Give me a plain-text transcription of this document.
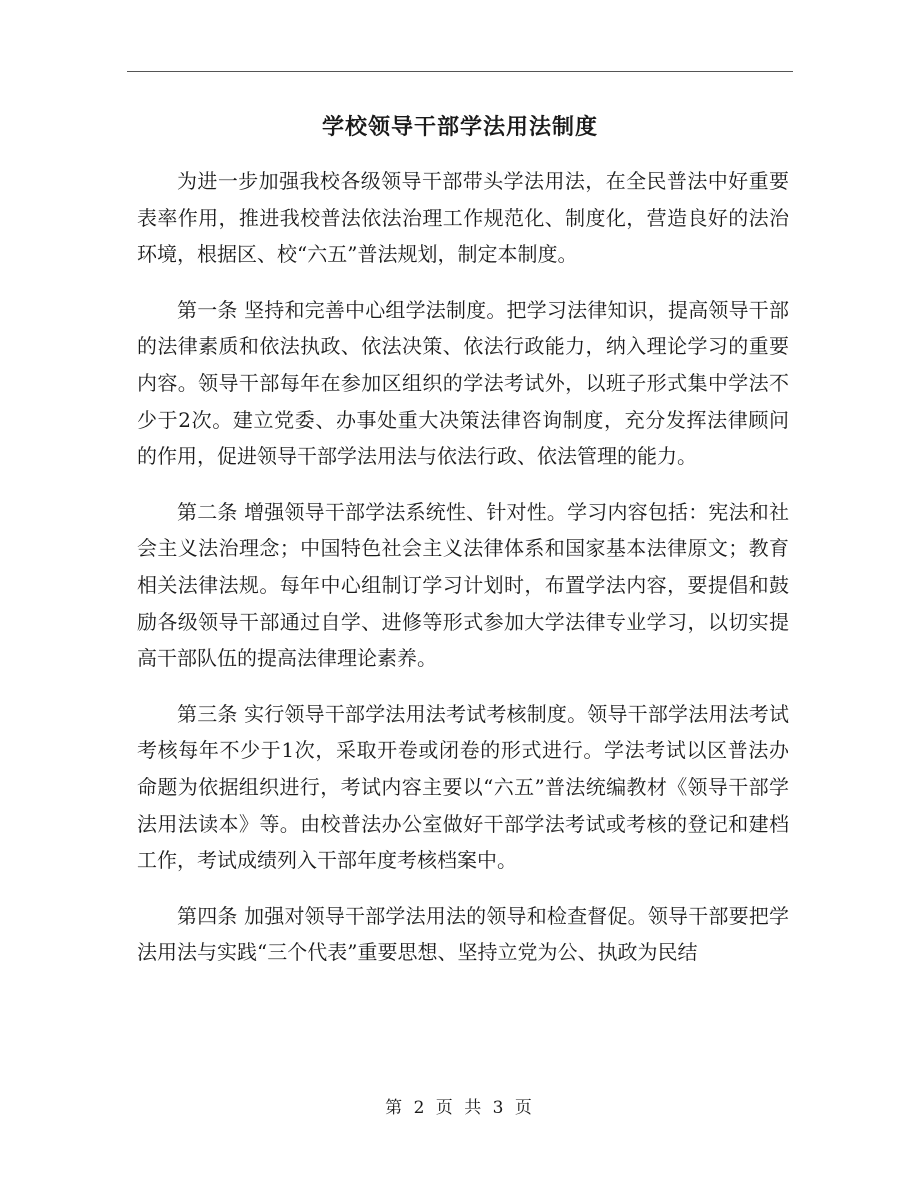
学校领导干部学法用法制度

为进一步加强我校各级领导干部带头学法用法，在全民普法中好重要表率作用，推进我校普法依法治理工作规范化、制度化，营造良好的法治环境，根据区、校“六五”普法规划，制定本制度。

第一条 坚持和完善中心组学法制度。把学习法律知识，提高领导干部的法律素质和依法执政、依法决策、依法行政能力，纳入理论学习的重要内容。领导干部每年在参加区组织的学法考试外，以班子形式集中学法不少于2次。建立党委、办事处重大决策法律咨询制度，充分发挥法律顾问的作用，促进领导干部学法用法与依法行政、依法管理的能力。

第二条 增强领导干部学法系统性、针对性。学习内容包括：宪法和社会主义法治理念；中国特色社会主义法律体系和国家基本法律原文；教育相关法律法规。每年中心组制订学习计划时，布置学法内容，要提倡和鼓励各级领导干部通过自学、进修等形式参加大学法律专业学习，以切实提高干部队伍的提高法律理论素养。

第三条 实行领导干部学法用法考试考核制度。领导干部学法用法考试考核每年不少于1次，采取开卷或闭卷的形式进行。学法考试以区普法办命题为依据组织进行，考试内容主要以“六五”普法统编教材《领导干部学法用法读本》等。由校普法办公室做好干部学法考试或考核的登记和建档工作，考试成绩列入干部年度考核档案中。

第四条 加强对领导干部学法用法的领导和检查督促。领导干部要把学法用法与实践“三个代表”重要思想、坚持立党为公、执政为民结

第 2 页 共 3 页
